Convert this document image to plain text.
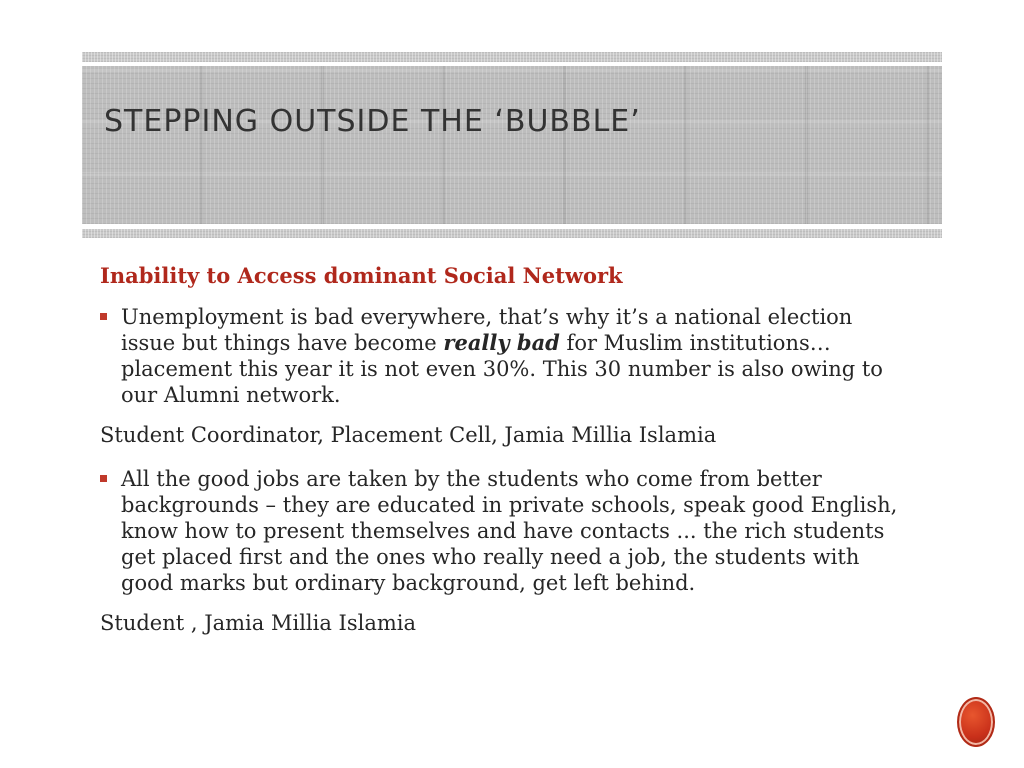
STEPPING OUTSIDE THE ‘BUBBLE’

Inability to Access dominant Social Network

Unemployment is bad everywhere, that’s why it’s a national election issue but things have become really bad for Muslim institutions… placement this year it is not even 30%. This 30 number is also owing to our Alumni network.

Student Coordinator, Placement Cell, Jamia Millia Islamia

All the good jobs are taken by the students who come from better backgrounds – they are educated in private schools, speak good English, know how to present themselves and have contacts ... the rich students get placed first and the ones who really need a job, the students with good marks but ordinary background, get left behind.

Student , Jamia Millia Islamia
